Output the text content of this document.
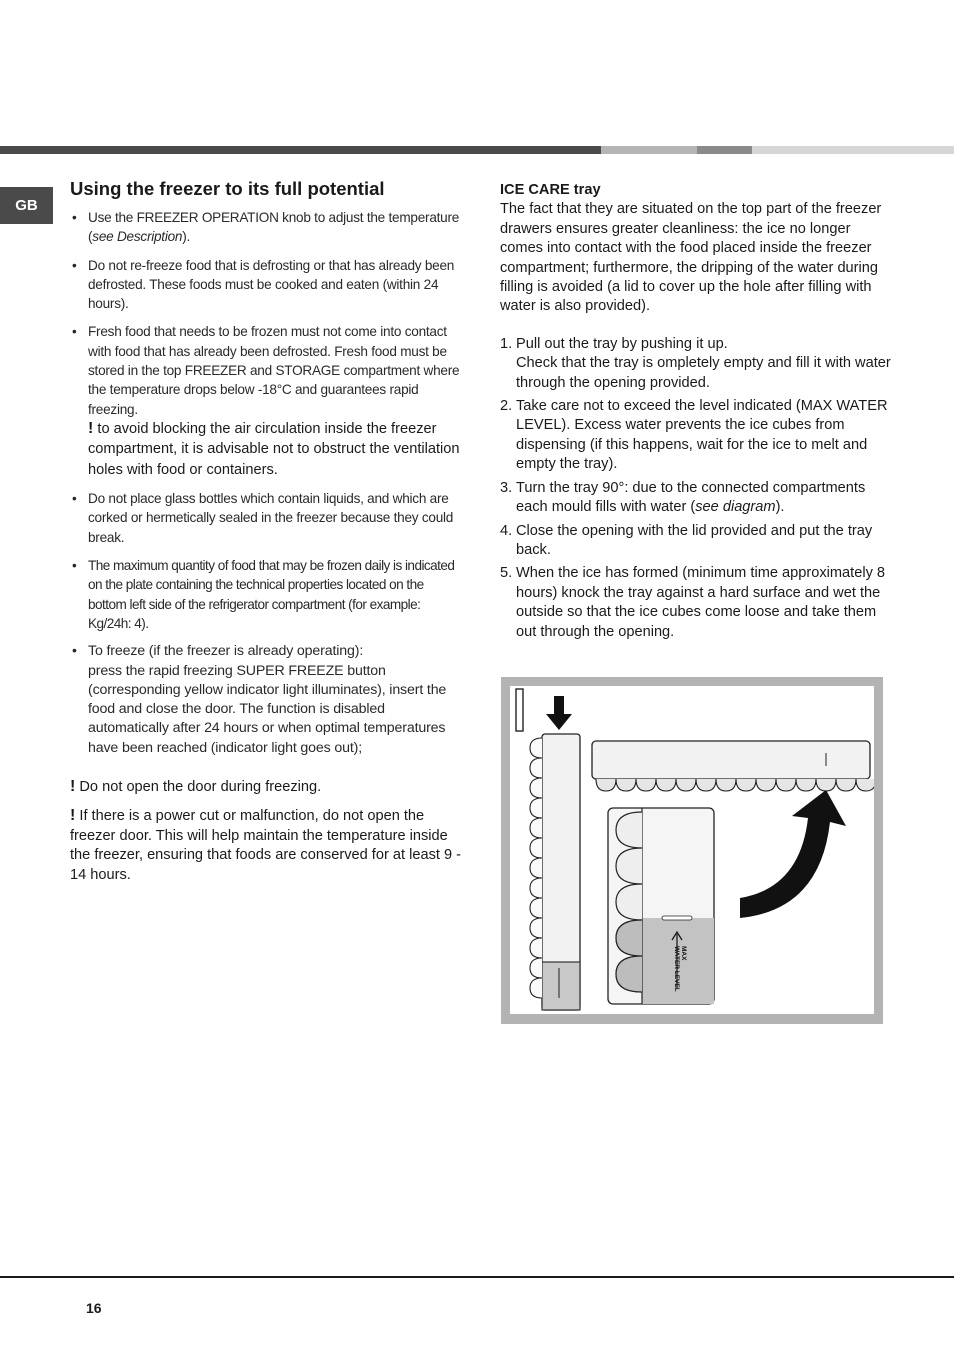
GB
Using the freezer to its full potential
• Use the FREEZER OPERATION knob to adjust the temperature (see Description).
• Do not re-freeze food that is defrosting or that has already been defrosted. These foods must be cooked and eaten (within 24 hours).
• Fresh food that needs to be frozen must not come into contact with food that has already been defrosted. Fresh food must be stored in the top FREEZER and STORAGE compartment where the temperature drops below -18°C and guarantees rapid freezing.
! to avoid blocking the air circulation inside the freezer compartment, it is advisable not to obstruct the ventilation holes with food or containers.
• Do not place glass bottles which contain liquids, and which are corked or hermetically sealed in the freezer because they could break.
• The maximum quantity of food that may be frozen daily is indicated on the plate containing the technical properties located on the bottom left side of the refrigerator compartment (for example: Kg/24h: 4).
• To freeze (if the freezer is already operating):
press the rapid freezing SUPER FREEZE button (corresponding yellow indicator light illuminates), insert the food and close the door. The function is disabled automatically after 24 hours or when optimal temperatures have been reached (indicator light goes out);

! Do not open the door during freezing.

! If there is a power cut or malfunction, do not open the freezer door. This will help maintain the temperature inside the freezer, ensuring that foods are conserved for at least 9 - 14 hours.

ICE CARE tray

The fact that they are situated on the top part of the freezer drawers ensures greater cleanliness: the ice no longer comes into contact with the food placed inside the freezer compartment; furthermore, the dripping of the water during filling is avoided (a lid to cover up the hole after filling with water is also provided).

1. Pull out the tray by pushing it up.
Check that the tray is ompletely empty and fill it with water through the opening provided.
2. Take care not to exceed the level indicated (MAX WATER LEVEL). Excess water prevents the ice cubes from dispensing (if this happens, wait for the ice to melt and empty the tray).
3. Turn the tray 90°: due to the connected compartments each mould fills with water (see diagram).
4. Close the opening with the lid provided and put the tray back.
5. When the ice has formed (minimum time approximately 8 hours) knock the tray against a hard surface and wet the outside so that the ice cubes come loose and take them out through the opening.
MAX
WATER LEVEL
16
